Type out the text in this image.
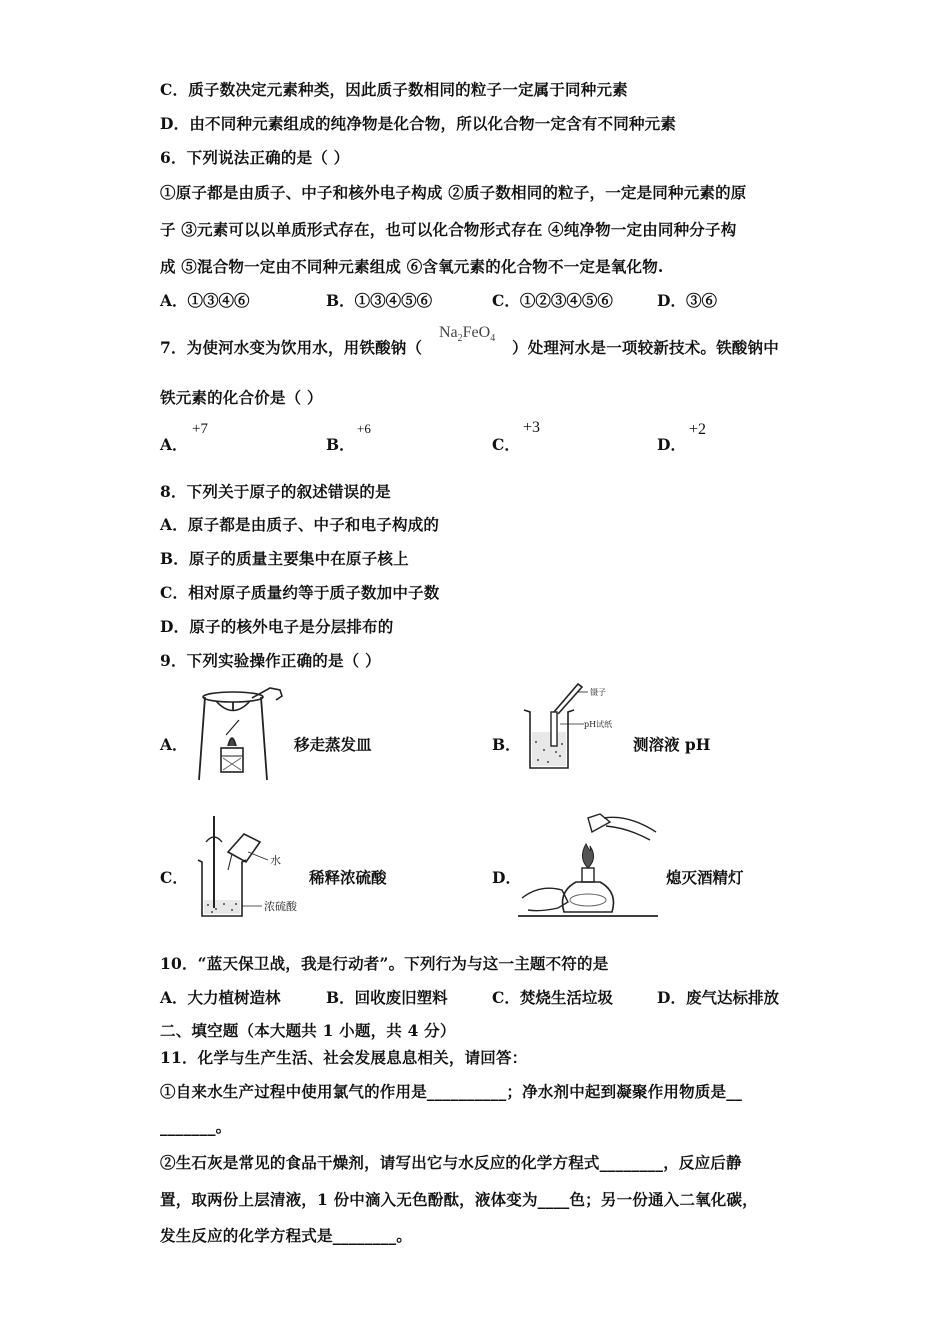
C．质子数决定元素种类，因此质子数相同的粒子一定属于同种元素
D．由不同种元素组成的纯净物是化合物，所以化合物一定含有不同种元素
6．下列说法正确的是（ ）
①原子都是由质子、中子和核外电子构成 ②质子数相同的粒子，一定是同种元素的原
子 ③元素可以以单质形式存在，也可以化合物形式存在 ④纯净物一定由同种分子构
成 ⑤混合物一定由不同种元素组成 ⑥含氧元素的化合物不一定是氧化物.
A．①③④⑥	B．①③④⑤⑥	C．①②③④⑤⑥	D．③⑥
7．为使河水变为饮用水，用铁酸钠（
$Na_2FeO_4$ ）处理河水是一项较新技术。铁酸钠中
铁元素的化合价是（ ）
A．
+7
B．
+6
C．
+3
D．
+2
8．下列关于原子的叙述错误的是
A．原子都是由质子、中子和电子构成的
B．原子的质量主要集中在原子核上
C．相对原子质量约等于质子数加中子数
D．原子的核外电子是分层排布的
9．下列实验操作正确的是（ ）
A．	移走蒸发皿	B．
镊子
pH试纸
测溶液 pH
C．
水
浓硫酸
稀释浓硫酸	D．	熄灭酒精灯
10．“蓝天保卫战，我是行动者”。下列行为与这一主题不符的是
A．大力植树造林	B．回收废旧塑料	C．焚烧生活垃圾	D．废气达标排放
二、填空题（本大题共 1 小题，共 4 分）
11．化学与生产生活、社会发展息息相关，请回答：
①自来水生产过程中使用氯气的作用是__________；净水剂中起到凝聚作用物质是__
_______。
②生石灰是常见的食品干燥剂，请写出它与水反应的化学方程式________，反应后静
置，取两份上层清液，1 份中滴入无色酚酞，液体变为____色；另一份通入二氧化碳，
发生反应的化学方程式是________。
